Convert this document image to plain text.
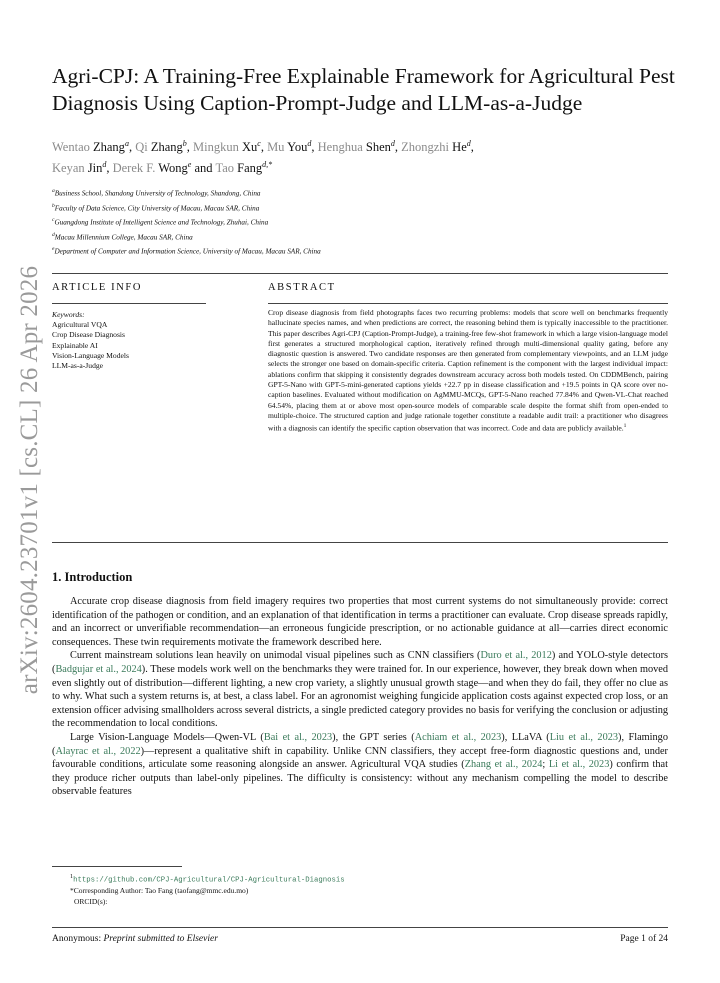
arXiv:2604.23701v1 [cs.CL] 26 Apr 2026
Agri-CPJ: A Training-Free Explainable Framework for Agricultural Pest Diagnosis Using Caption-Prompt-Judge and LLM-as-a-Judge
Wentao Zhang$^a$, Qi Zhang$^b$, Mingkun Xu$^c$, Mu You$^d$, Henghua Shen$^d$, Zhongzhi He$^d$,
Keyan Jin$^d$, Derek F. Wong$^e$ and Tao Fang$^{d,*}$
$^a$Business School, Shandong University of Technology, Shandong, China
$^b$Faculty of Data Science, City University of Macau, Macau SAR, China
$^c$Guangdong Institute of Intelligent Science and Technology, Zhuhai, China
$^d$Macau Millennium College, Macau SAR, China
$^e$Department of Computer and Information Science, University of Macau, Macau SAR, China
ARTICLE INFO	ABSTRACT
Keywords:
Agricultural VQA
Crop Disease Diagnosis
Explainable AI
Vision-Language Models
LLM-as-a-Judge
Crop disease diagnosis from field photographs faces two recurring problems: models that score well on benchmarks frequently hallucinate species names, and when predictions are correct, the reasoning behind them is typically inaccessible to the practitioner. This paper describes Agri-CPJ (Caption-Prompt-Judge), a training-free few-shot framework in which a large vision-language model first generates a structured morphological caption, iteratively refined through multi-dimensional quality gating, before any diagnostic question is answered. Two candidate responses are then generated from complementary viewpoints, and an LLM judge selects the stronger one based on domain-specific criteria. Caption refinement is the component with the largest individual impact: ablations confirm that skipping it consistently degrades downstream accuracy across both models tested. On CDDMBench, pairing GPT-5-Nano with GPT-5-mini-generated captions yields +22.7 pp in disease classification and +19.5 points in QA score over no-caption baselines. Evaluated without modification on AgMMU-MCQs, GPT-5-Nano reached 77.84% and Qwen-VL-Chat reached 64.54%, placing them at or above most open-source models of comparable scale despite the format shift from open-ended to multiple-choice. The structured caption and judge rationale together constitute a readable audit trail: a practitioner who disagrees with a diagnosis can identify the specific caption observation that was incorrect. Code and data are publicly available.$^1$
1. Introduction

Accurate crop disease diagnosis from field imagery requires two properties that most current systems do not simultaneously provide: correct identification of the pathogen or condition, and an explanation of that identification in terms a practitioner can evaluate. Crop disease spreads rapidly, and an incorrect or unverifiable recommendation—an erroneous fungicide prescription, or no actionable guidance at all—carries direct economic consequences. These twin requirements motivate the framework described here.

Current mainstream solutions lean heavily on unimodal visual pipelines such as CNN classifiers (Duro et al., 2012) and YOLO-style detectors (Badgujar et al., 2024). These models work well on the benchmarks they were trained for. In our experience, however, they break down when moved even slightly out of distribution—different lighting, a new crop variety, a slightly unusual growth stage—and when they do fail, they offer no clue as to why. What such a system returns is, at best, a class label. For an agronomist weighing fungicide application costs against expected crop loss, or an extension officer advising smallholders across several districts, a single predicted category provides no basis for verifying the conclusion or adjusting the recommendation to local conditions.

Large Vision-Language Models—Qwen-VL (Bai et al., 2023), the GPT series (Achiam et al., 2023), LLaVA (Liu et al., 2023), Flamingo (Alayrac et al., 2022)—represent a qualitative shift in capability. Unlike CNN classifiers, they accept free-form diagnostic questions and, under favourable conditions, articulate some reasoning alongside an answer. Agricultural VQA studies (Zhang et al., 2024; Li et al., 2023) confirm that they produce richer outputs than label-only pipelines. The difficulty is consistency: without any mechanism compelling the model to describe observable features

$^1$https://github.com/CPJ-Agricultural/CPJ-Agricultural-Diagnosis
*Corresponding Author: Tao Fang (taofang@mmc.edu.mo)
ORCID(s):
Anonymous: Preprint submitted to Elsevier	Page 1 of 24
